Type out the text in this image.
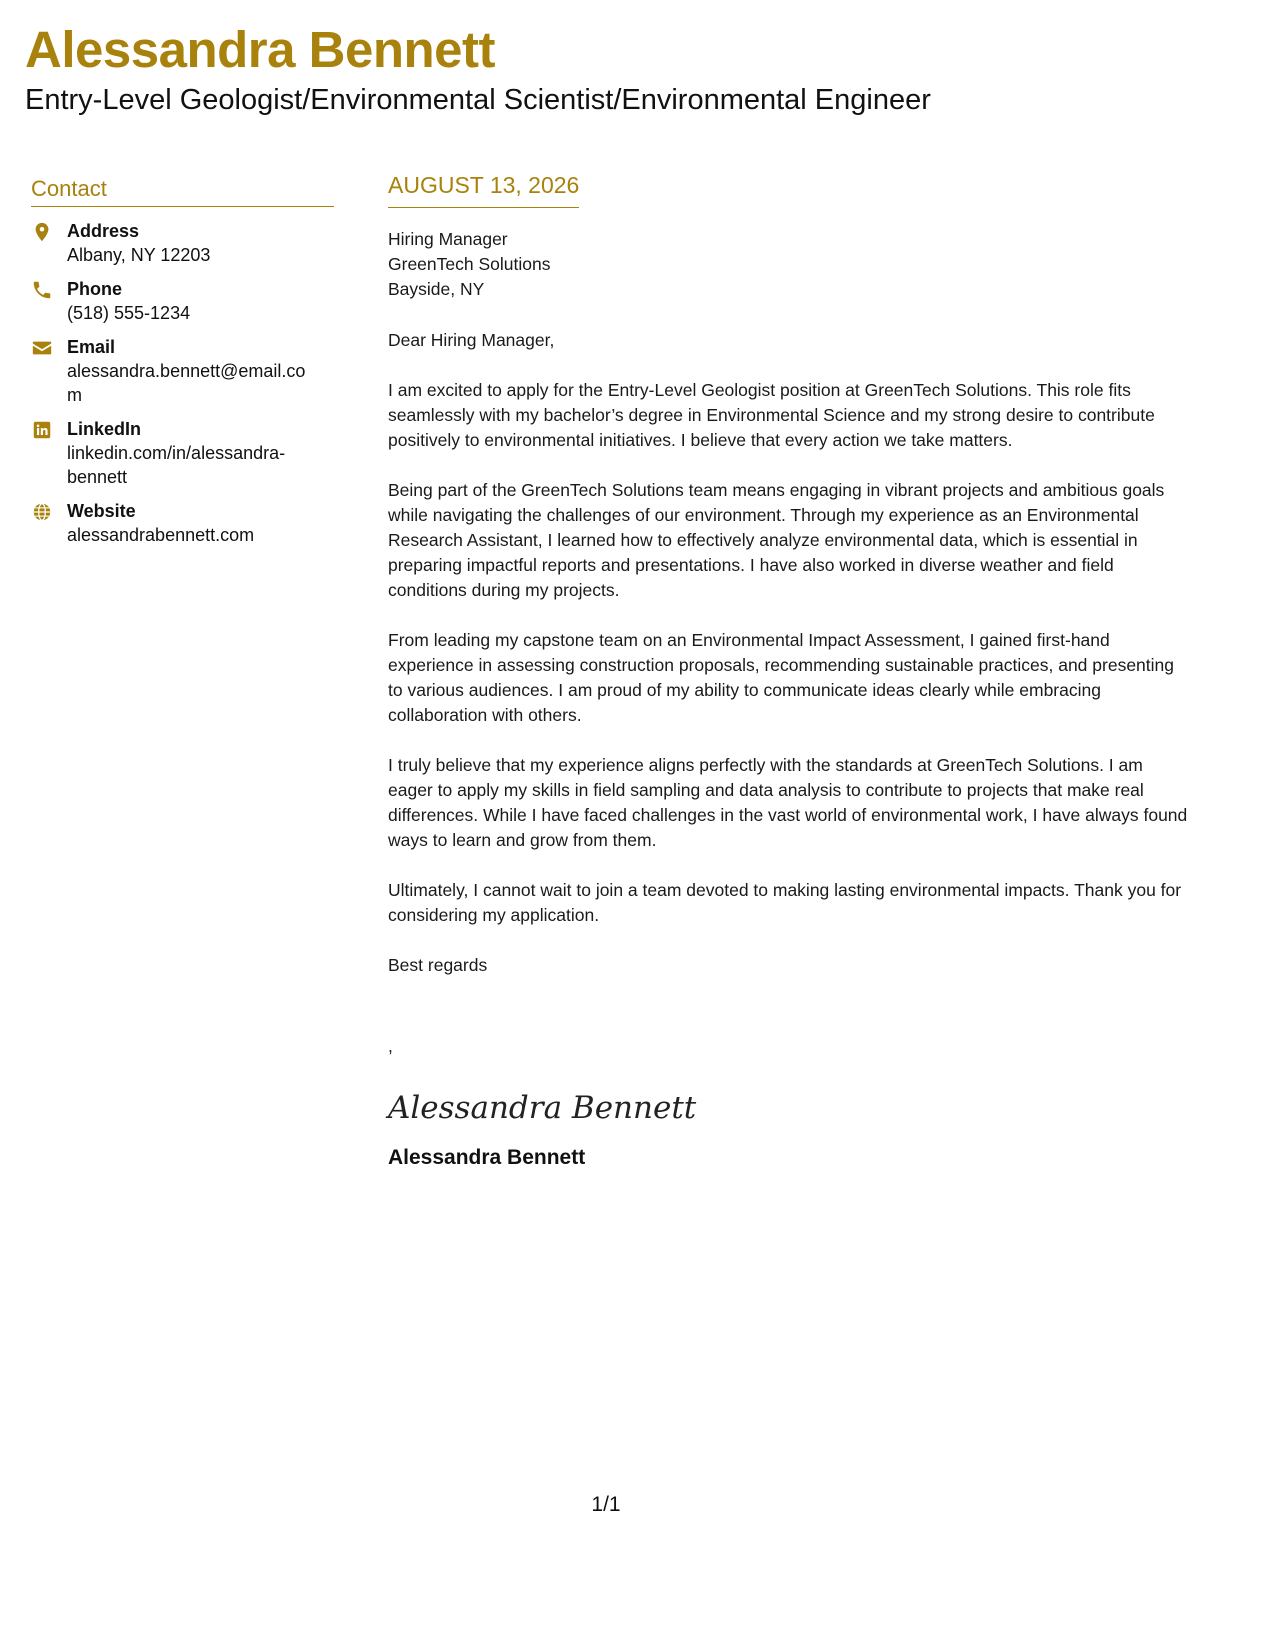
Alessandra Bennett
Entry-Level Geologist/Environmental Scientist/Environmental Engineer
Contact
Address
Albany, NY 12203
Phone
(518) 555-1234
Email
alessandra.bennett@email.com
LinkedIn
linkedin.com/in/alessandra-bennett
Website
alessandrabennett.com
AUGUST 13, 2026
Hiring Manager
GreenTech Solutions
Bayside, NY
Dear Hiring Manager,
I am excited to apply for the Entry-Level Geologist position at GreenTech Solutions. This role fits seamlessly with my bachelor’s degree in Environmental Science and my strong desire to contribute positively to environmental initiatives. I believe that every action we take matters.
Being part of the GreenTech Solutions team means engaging in vibrant projects and ambitious goals while navigating the challenges of our environment. Through my experience as an Environmental Research Assistant, I learned how to effectively analyze environmental data, which is essential in preparing impactful reports and presentations. I have also worked in diverse weather and field conditions during my projects.
From leading my capstone team on an Environmental Impact Assessment, I gained first-hand experience in assessing construction proposals, recommending sustainable practices, and presenting to various audiences. I am proud of my ability to communicate ideas clearly while embracing collaboration with others.
I truly believe that my experience aligns perfectly with the standards at GreenTech Solutions. I am eager to apply my skills in field sampling and data analysis to contribute to projects that make real differences. While I have faced challenges in the vast world of environmental work, I have always found ways to learn and grow from them.
Ultimately, I cannot wait to join a team devoted to making lasting environmental impacts. Thank you for considering my application.
Best regards
,
Alessandra Bennett
Alessandra Bennett
1/1
